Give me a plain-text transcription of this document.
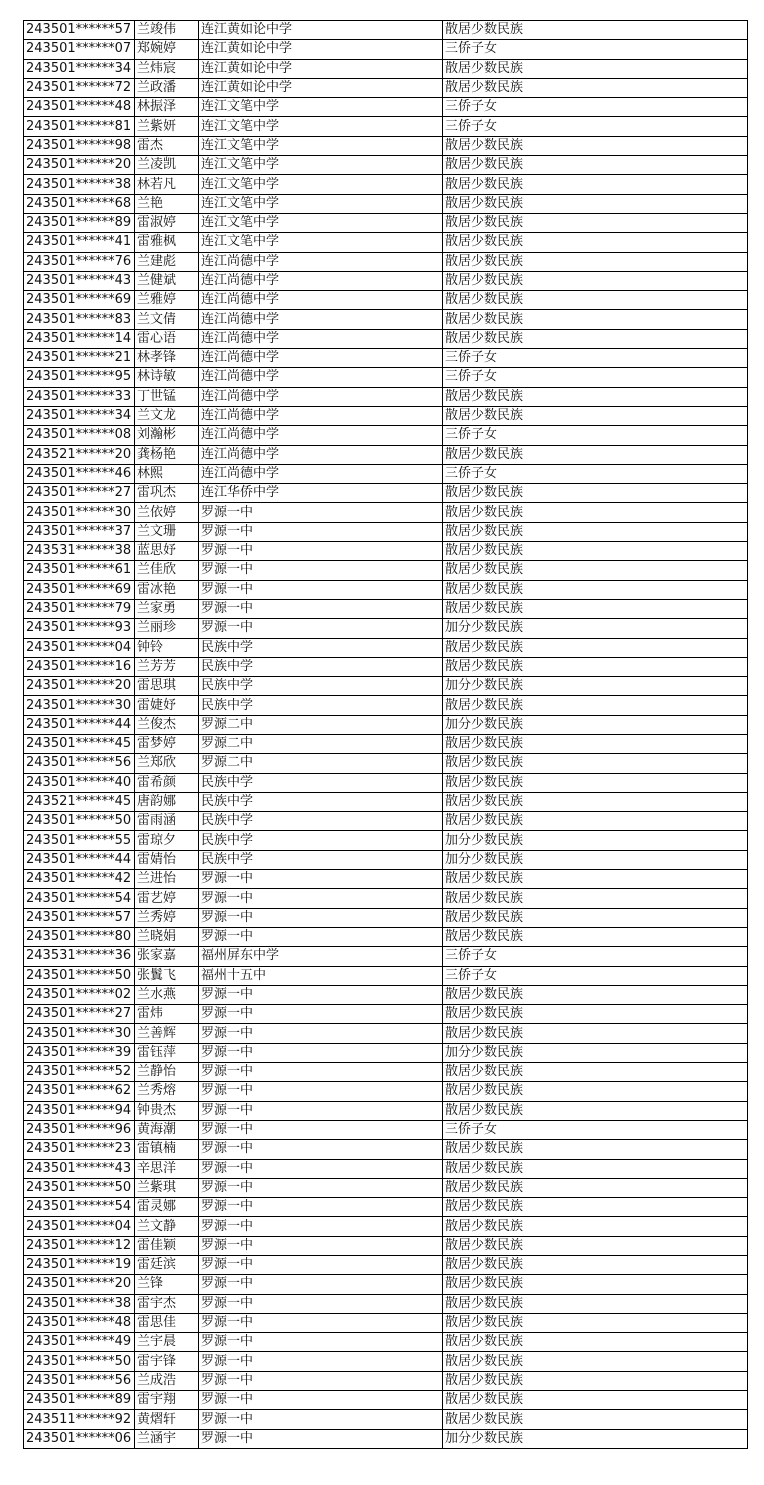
243501******57	兰竣伟	连江黄如论中学	散居少数民族
243501******07	郑婉婷	连江黄如论中学	三侨子女
243501******34	兰炜宸	连江黄如论中学	散居少数民族
243501******72	兰政潘	连江黄如论中学	散居少数民族
243501******48	林振泽	连江文笔中学	三侨子女
243501******81	兰紫妍	连江文笔中学	三侨子女
243501******98	雷杰	连江文笔中学	散居少数民族
243501******20	兰凌凯	连江文笔中学	散居少数民族
243501******38	林若凡	连江文笔中学	散居少数民族
243501******68	兰艳	连江文笔中学	散居少数民族
243501******89	雷淑婷	连江文笔中学	散居少数民族
243501******41	雷雅枫	连江文笔中学	散居少数民族
243501******76	兰建彪	连江尚德中学	散居少数民族
243501******43	兰健斌	连江尚德中学	散居少数民族
243501******69	兰雅婷	连江尚德中学	散居少数民族
243501******83	兰文倩	连江尚德中学	散居少数民族
243501******14	雷心语	连江尚德中学	散居少数民族
243501******21	林孝锋	连江尚德中学	三侨子女
243501******95	林诗敏	连江尚德中学	三侨子女
243501******33	丁世锰	连江尚德中学	散居少数民族
243501******34	兰文龙	连江尚德中学	散居少数民族
243501******08	刘瀚彬	连江尚德中学	三侨子女
243521******20	龚杨艳	连江尚德中学	散居少数民族
243501******46	林熙	连江尚德中学	三侨子女
243501******27	雷巩杰	连江华侨中学	散居少数民族
243501******30	兰依婷	罗源一中	散居少数民族
243501******37	兰文珊	罗源一中	散居少数民族
243531******38	蓝思妤	罗源一中	散居少数民族
243501******61	兰佳欣	罗源一中	散居少数民族
243501******69	雷冰艳	罗源一中	散居少数民族
243501******79	兰家勇	罗源一中	散居少数民族
243501******93	兰丽珍	罗源一中	加分少数民族
243501******04	钟铃	民族中学	散居少数民族
243501******16	兰芳芳	民族中学	散居少数民族
243501******20	雷思琪	民族中学	加分少数民族
243501******30	雷婕妤	民族中学	散居少数民族
243501******44	兰俊杰	罗源二中	加分少数民族
243501******45	雷梦婷	罗源二中	散居少数民族
243501******56	兰郑欣	罗源二中	散居少数民族
243501******40	雷希颜	民族中学	散居少数民族
243521******45	唐韵娜	民族中学	散居少数民族
243501******50	雷雨涵	民族中学	散居少数民族
243501******55	雷琼夕	民族中学	加分少数民族
243501******44	雷婧怡	民族中学	加分少数民族
243501******42	兰进怡	罗源一中	散居少数民族
243501******54	雷艺婷	罗源一中	散居少数民族
243501******57	兰秀婷	罗源一中	散居少数民族
243501******80	兰晓娟	罗源一中	散居少数民族
243531******36	张家嘉	福州屏东中学	三侨子女
243501******50	张鬒飞	福州十五中	三侨子女
243501******02	兰水燕	罗源一中	散居少数民族
243501******27	雷炜	罗源一中	散居少数民族
243501******30	兰善辉	罗源一中	散居少数民族
243501******39	雷钰萍	罗源一中	加分少数民族
243501******52	兰静怡	罗源一中	散居少数民族
243501******62	兰秀熔	罗源一中	散居少数民族
243501******94	钟贵杰	罗源一中	散居少数民族
243501******96	黄海潮	罗源一中	三侨子女
243501******23	雷镇楠	罗源一中	散居少数民族
243501******43	辛思洋	罗源一中	散居少数民族
243501******50	兰紫琪	罗源一中	散居少数民族
243501******54	雷灵娜	罗源一中	散居少数民族
243501******04	兰文静	罗源一中	散居少数民族
243501******12	雷佳颖	罗源一中	散居少数民族
243501******19	雷廷滨	罗源一中	散居少数民族
243501******20	兰锋	罗源一中	散居少数民族
243501******38	雷宇杰	罗源一中	散居少数民族
243501******48	雷思佳	罗源一中	散居少数民族
243501******49	兰宇晨	罗源一中	散居少数民族
243501******50	雷宇锋	罗源一中	散居少数民族
243501******56	兰成浩	罗源一中	散居少数民族
243501******89	雷宇翔	罗源一中	散居少数民族
243511******92	黄熠轩	罗源一中	散居少数民族
243501******06	兰涵宇	罗源一中	加分少数民族
